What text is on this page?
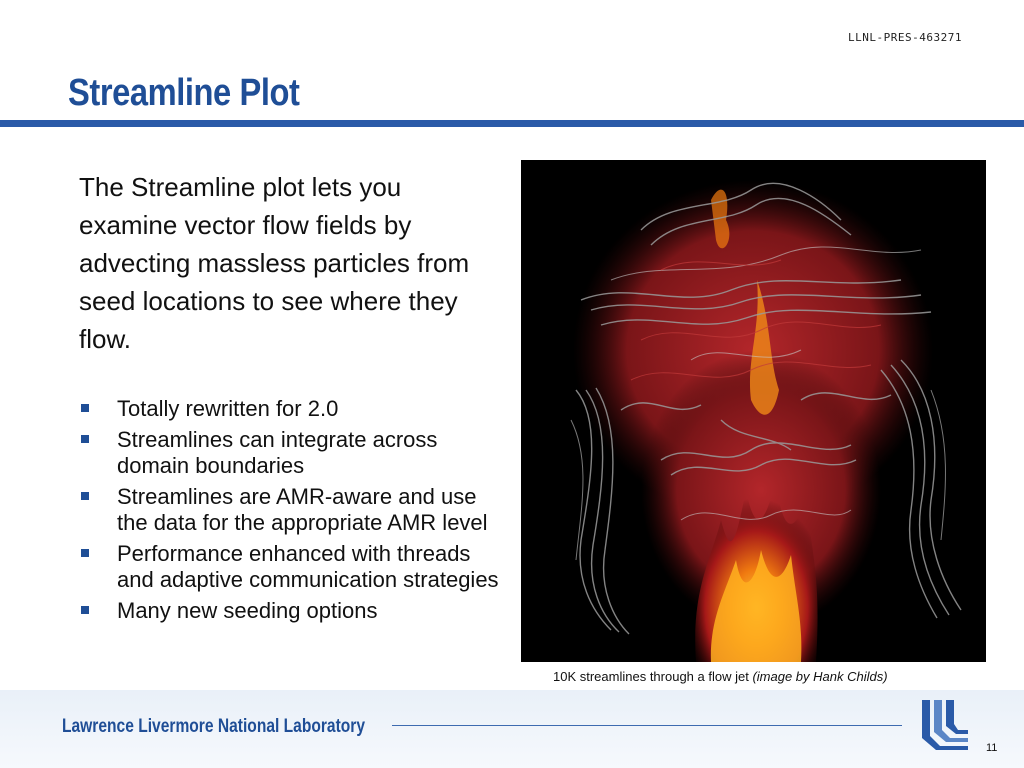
LLNL-PRES-463271
Streamline Plot
The Streamline plot lets you examine vector flow fields by advecting massless particles from seed locations to see where they flow.
Totally rewritten for 2.0
Streamlines can integrate across domain boundaries
Streamlines are AMR-aware and use the data for the appropriate AMR level
Performance enhanced with threads and adaptive communication strategies
Many new seeding options
10K streamlines through a flow jet (image by Hank Childs)
Lawrence Livermore National Laboratory
11
